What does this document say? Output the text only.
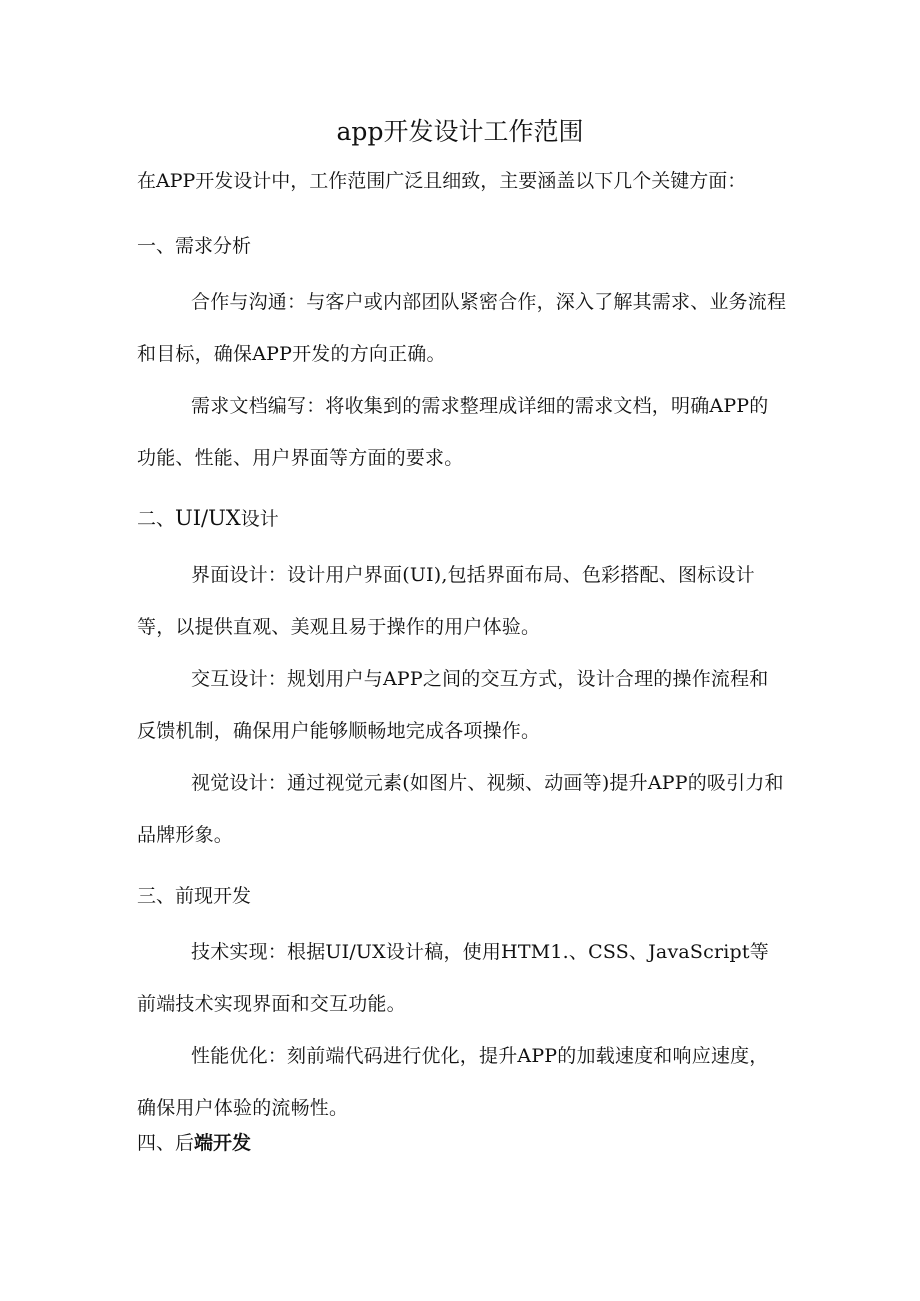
app开发设计工作范围

在APP开发设计中，工作范围广泛且细致，主要涵盖以下几个关键方面：

一、需求分析

合作与沟通：与客户或内部团队紧密合作，深入了解其需求、业务流程和目标，确保APP开发的方向正确。

需求文档编写：将收集到的需求整理成详细的需求文档，明确APP的功能、性能、用户界面等方面的要求。

二、UI/UX设计

界面设计：设计用户界面(UI),包括界面布局、色彩搭配、图标设计等，以提供直观、美观且易于操作的用户体验。

交互设计：规划用户与APP之间的交互方式，设计合理的操作流程和反馈机制，确保用户能够顺畅地完成各项操作。

视觉设计：通过视觉元素(如图片、视频、动画等)提升APP的吸引力和品牌形象。

三、前现开发

技术实现：根据UI/UX设计稿，使用HTM1.、CSS、JavaScript等前端技术实现界面和交互功能。

性能优化：刻前端代码进行优化，提升APP的加载速度和响应速度，确保用户体验的流畅性。

四、后端开发
